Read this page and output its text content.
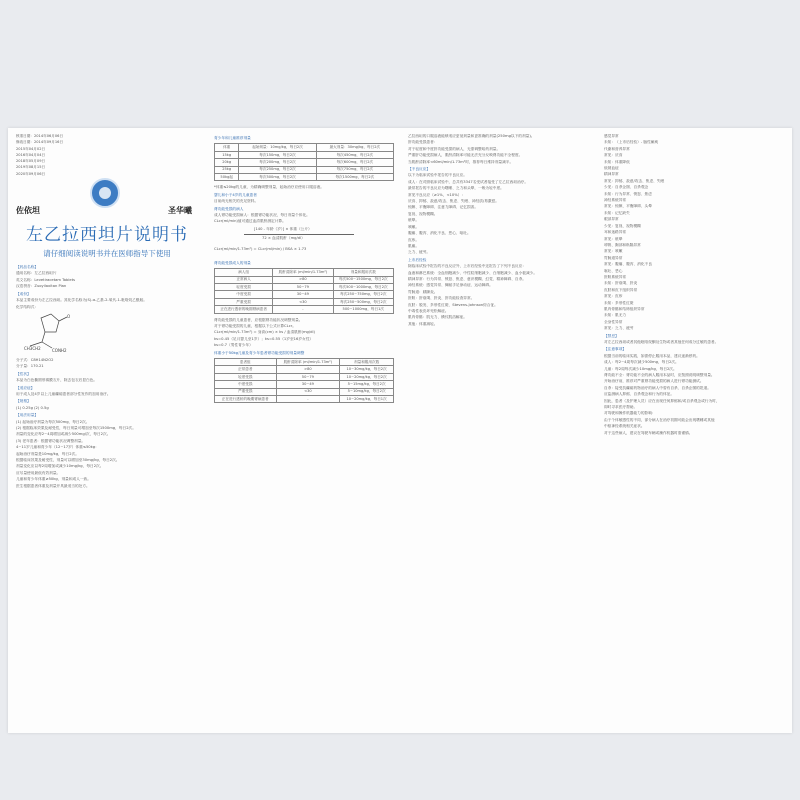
核准日期：2014年06月06日
修改日期：2014年09月16日
2015年04月02日
2016年04月04日
2018年05月09日
2019年08月15日
2020年09月06日
佐依坦	圣华曦
左乙拉西坦片说明书
请仔细阅读说明书并在医师指导下使用
【药品名称】
通用名称：左乙拉西坦片
英文名称：Levetiracetam Tablets
汉语拼音：Zuoyilaxitan Pian
【成份】
本品主要成份为左乙拉西坦。其化学名称为(S)-α-乙基-2-氧代-1-吡咯烷乙酰胺。
化学结构式：
CH3CH2	CONH2
O
分子式：C8H14N2O2
分子量：170.21
【性状】
本品为白色椭圆形薄膜衣片，除去包衣后显白色。
【适应症】
用于成人及4岁以上儿童癫痫患者部分性发作的加用治疗。
【规格】
(1) 0.25g (2) 0.5g
【用法用量】
(1) 起始治疗剂量为每次500mg，每日2次。
(2) 根据临床效果及耐受性，每日剂量可增加至每次1500mg，每日2次。
剂量的变化应每2~4周增加或减少500mg/次，每日2次。
(3) 老年患者：根据肾功能状况调整剂量。
4~11岁儿童和青少年（12~17岁）体重≤50kg：
起始治疗剂量是10mg/kg，每日2次。
根据临床效果及耐受性，剂量可以增加至30mg/kg，每日2次。
剂量变化应以每2周增加或减少10mg/kg，每日2次。
应尽量使用最低有效剂量。
儿童和青少年体重≥50kg，剂量和成人一致。
医生根据患者体重及剂量开具最适当的处方。
青少年和儿童推荐剂量
体重	起始剂量：10mg/kg，每日2次	最大剂量：30mg/kg，每日2次
15kg	每次150mg，每日2次	每次450mg，每日2次
20kg	每次200mg，每日2次	每次600mg，每日2次
25kg	每次250mg，每日2次	每次750mg，每日2次
50kg起	每次500mg，每日2次	每次1500mg，每日2次
*体重≤20kg的儿童，为精确调整剂量，起始治疗应使用口服溶液。
婴儿和小于4岁的儿童患者
目前尚无相关的充足资料。
肾功能受损的病人
成人肾功能受损病人：根据肾功能状况，每日剂量个体化。
CLcr(ml/min)值可通过血清肌酐测定计算。
[140 - 年龄（岁）] × 体重（公斤）
72 × 血清肌酐（mg/dl）
CLcr(ml/min/1.73m²) = CLcr(ml/min) / BSA × 1.73
肾功能受损成人的剂量
病人组	肌酐清除率 (ml/min/1.73m²)	剂量和服用次数
正常病人	>80	每次500~1500mg，每日2次
轻度受损	50~79	每次500~1000mg，每日2次
中度受损	30~49	每次250~750mg，每日2次
严重受损	<30	每次250~500mg，每日2次
正在进行透析的晚期肾病患者	-	500~1000mg，每日1次
肾功能受损的儿童患者，应根据肾功能状况调整剂量。
对于肾功能受损的儿童，根据以下公式计算CLcr。
CLcr(ml/min/1.73m²) = 身高(cm) × ks / 血清肌酐(mg/dl)
ks=0.45（足月婴儿至1岁）；ks=0.55（1岁至16岁女性）
ks=0.7（男性青少年）
体重小于50kg儿童及青少年患者肾功能受损的剂量调整
患者组	肌酐清除率 (ml/min/1.73m²)	剂量和服用次数
正常患者	>80	10~30mg/kg，每日2次
轻度受损	50~79	10~20mg/kg，每日2次
中度受损	30~49	5~15mg/kg，每日2次
严重受损	<30	5~10mg/kg，每日2次
正在进行透析的晚期肾病患者	-	10~20mg/kg，每日1次
乙拉西坦的口服溶液能够适应更低剂量和更准确的剂量(250mg以下的剂量)。
肝功能受损患者：
对于轻度和中度肝功能受损的病人，无需调整给药剂量。
严重肝功能受损病人，肌酐清除率可能无法充分反映肾功能不全程度。
当肌酐清除率<60ml/min/1.73m²时，推荐每日维持剂量减半。
【不良反应】
以下为临床试验中报告的不良反应。
成人：在对照临床试验中，总共有3347名受试者接受了左乙拉西坦治疗。
最常报告的不良反应为嗜睡、乏力和头晕，一般为轻中度。
常见不良反应（≥1%，<10%）：
厌食、抑郁、敌意/攻击、焦虑、失眠、神经质/易激惹。
惊厥、平衡障碍、注意力障碍、记忆损害。
复视、视物模糊。
眩晕。
咳嗽。
腹痛、腹泻、消化不良、恶心、呕吐。
皮疹。
肌痛。
乏力、疲劳。
上市后经验
除临床试验中报告的不良反应外，上市后经验中还报告了下列不良反应：
血液和淋巴系统：全血细胞减少、中性粒细胞减少、白细胞减少、血小板减少。
精神异常：行为异常、愤怒、焦虑、意识模糊、幻觉、精神障碍、自杀。
神经系统：感觉异常、舞蹈手足徐动症、运动障碍。
胃肠道：胰腺炎。
肝胆：肝衰竭、肝炎、肝功能检查异常。
皮肤：脱发、多形性红斑、Stevens-Johnson综合征。
中毒性表皮坏死松解症。
肌肉骨骼：肌无力、横纹肌溶解症。
其他：体重减轻。
感觉异常
未知：（上市后经验）- 脑性瘫痪
代谢和营养异常
常见：厌食
未知：体重降低
低钠血症
精神异常
常见：抑郁、敌意/攻击、焦虑、失眠
少见：自杀企图、自杀观念
未知：行为异常、愤怒、焦虑
神经系统异常
常见：惊厥、平衡障碍、头晕
未知：记忆缺失
眼部异常
少见：复视、视物模糊
耳和迷路异常
常见：眩晕
呼吸、胸部和纵隔异常
常见：咳嗽
胃肠道异常
常见：腹痛、腹泻、消化不良
呕吐、恶心
肝胆系统异常
未知：肝衰竭、肝炎
皮肤和皮下组织异常
常见：皮疹
未知：多形性红斑
肌肉骨骼和结缔组织异常
未知：肌无力
全身性异常
常见：乏力、疲劳
【禁忌】
对左乙拉西坦或者其他吡咯烷酮衍生物或者其他任何成分过敏的患者。
【注意事项】
根据当前的临床实践，如需停止服用本品，建议逐渐停药。
成人：每2~4周每次减少500mg，每日2次。
儿童：每2周每次减少10mg/kg，每日2次。
肾功能不全：肾功能不全的病人服用本品时，应按照说明调整剂量。
开始治疗前，推荐对严重肾功能受损的病人进行肾功能测试。
自杀：接受抗癫痫药物治疗的病人中曾有自杀、自杀企图的报道。
应监测病人抑郁、自杀观念和行为的体征。
因此，患者（及护理人员）应在出现任何抑郁和/或自杀观念或行为时，
即时寻求医疗帮助。
对驾驶和操作机器能力的影响：
由于个体敏感性的不同，部分病人在治疗初期可能会出现嗜睡或其他
中枢神经系统相关症状。
对于这些病人，建议在驾驶车辆或操作机器时需谨慎。
